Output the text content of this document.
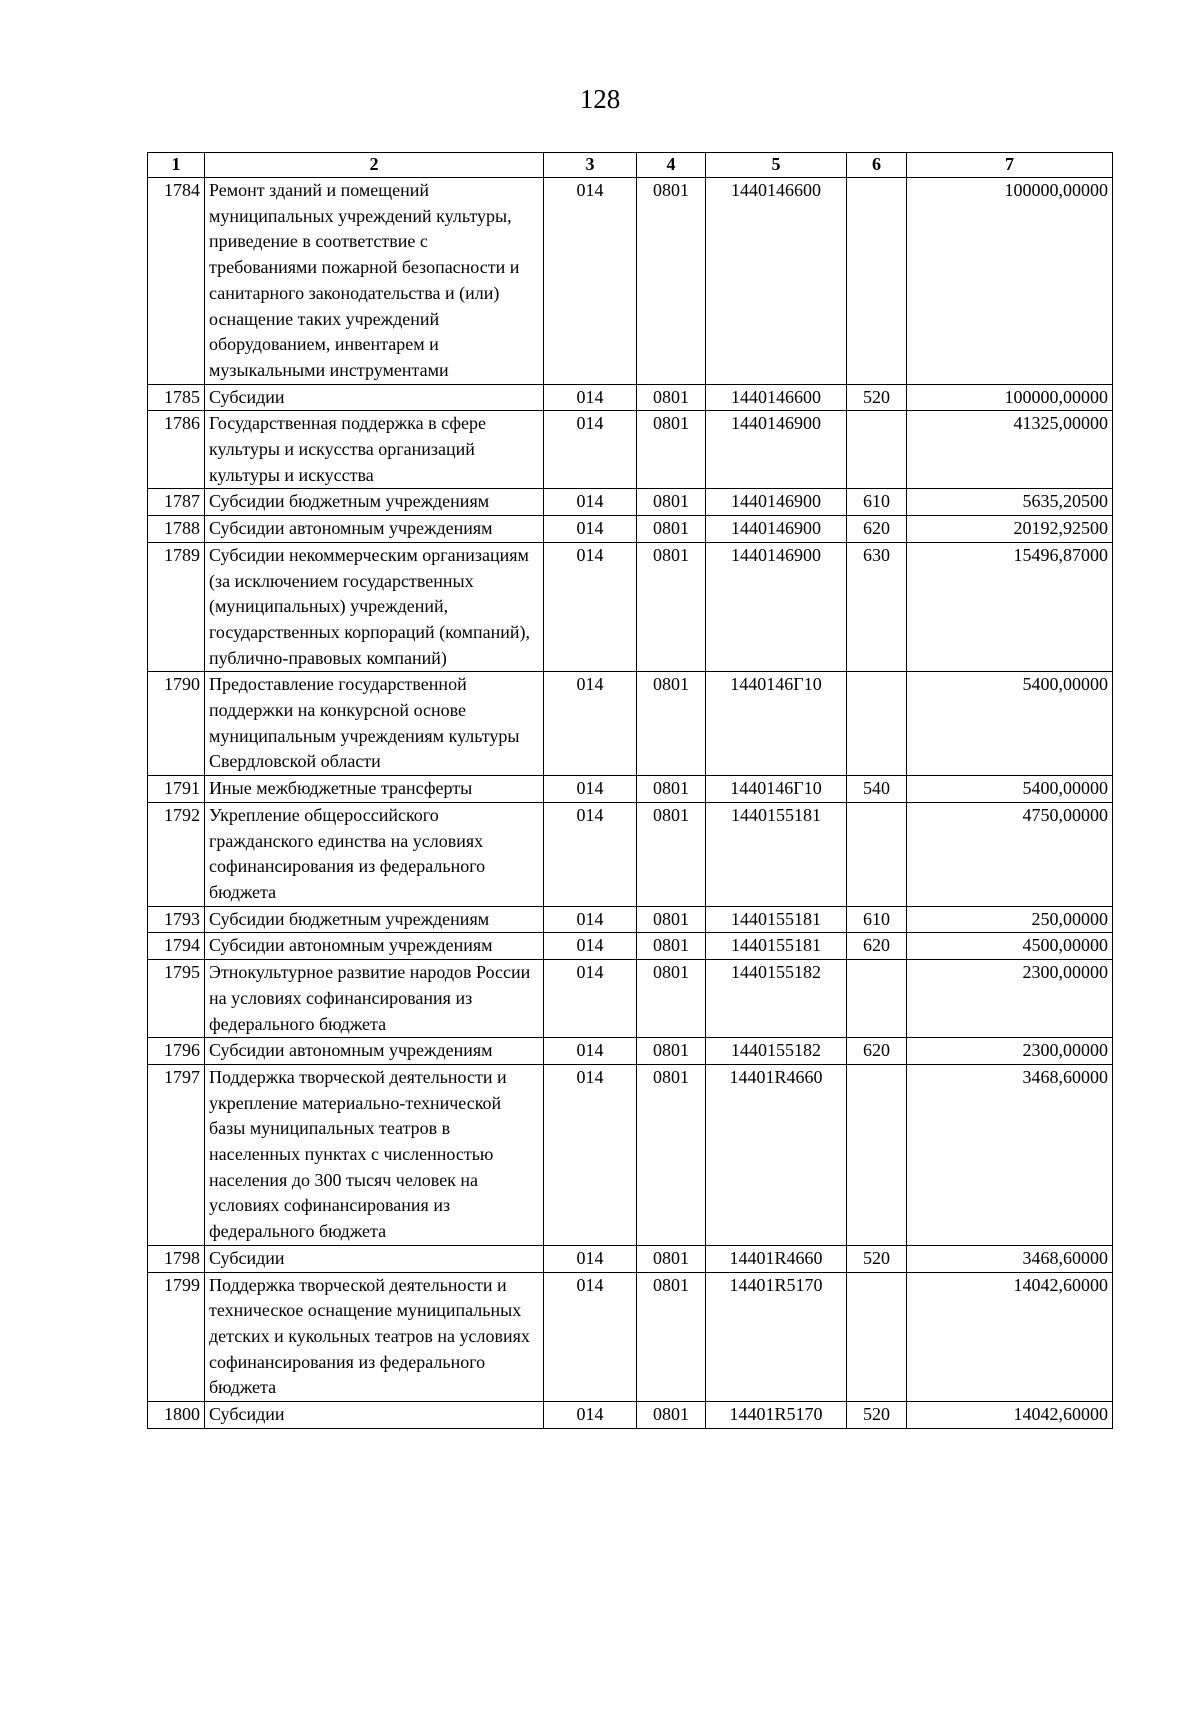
128
1	2	3	4	5	6	7
1784	Ремонт зданий и помещений муниципальных учреждений культуры, приведение в соответствие с требованиями пожарной безопасности и санитарного законодательства и (или) оснащение таких учреждений оборудованием, инвентарем и музыкальными инструментами	014	0801	1440146600		100000,00000
1785	Субсидии	014	0801	1440146600	520	100000,00000
1786	Государственная поддержка в сфере культуры и искусства организаций культуры и искусства	014	0801	1440146900		41325,00000
1787	Субсидии бюджетным учреждениям	014	0801	1440146900	610	5635,20500
1788	Субсидии автономным учреждениям	014	0801	1440146900	620	20192,92500
1789	Субсидии некоммерческим организациям (за исключением государственных (муниципальных) учреждений, государственных корпораций (компаний), публично-правовых компаний)	014	0801	1440146900	630	15496,87000
1790	Предоставление государственной поддержки на конкурсной основе муниципальным учреждениям культуры Свердловской области	014	0801	1440146Г10		5400,00000
1791	Иные межбюджетные трансферты	014	0801	1440146Г10	540	5400,00000
1792	Укрепление общероссийского гражданского единства на условиях софинансирования из федерального бюджета	014	0801	1440155181		4750,00000
1793	Субсидии бюджетным учреждениям	014	0801	1440155181	610	250,00000
1794	Субсидии автономным учреждениям	014	0801	1440155181	620	4500,00000
1795	Этнокультурное развитие народов России на условиях софинансирования из федерального бюджета	014	0801	1440155182		2300,00000
1796	Субсидии автономным учреждениям	014	0801	1440155182	620	2300,00000
1797	Поддержка творческой деятельности и укрепление материально-технической базы муниципальных театров в населенных пунктах с численностью населения до 300 тысяч человек на условиях софинансирования из федерального бюджета	014	0801	14401R4660		3468,60000
1798	Субсидии	014	0801	14401R4660	520	3468,60000
1799	Поддержка творческой деятельности и техническое оснащение муниципальных детских и кукольных театров на условиях софинансирования из федерального бюджета	014	0801	14401R5170		14042,60000
1800	Субсидии	014	0801	14401R5170	520	14042,60000
